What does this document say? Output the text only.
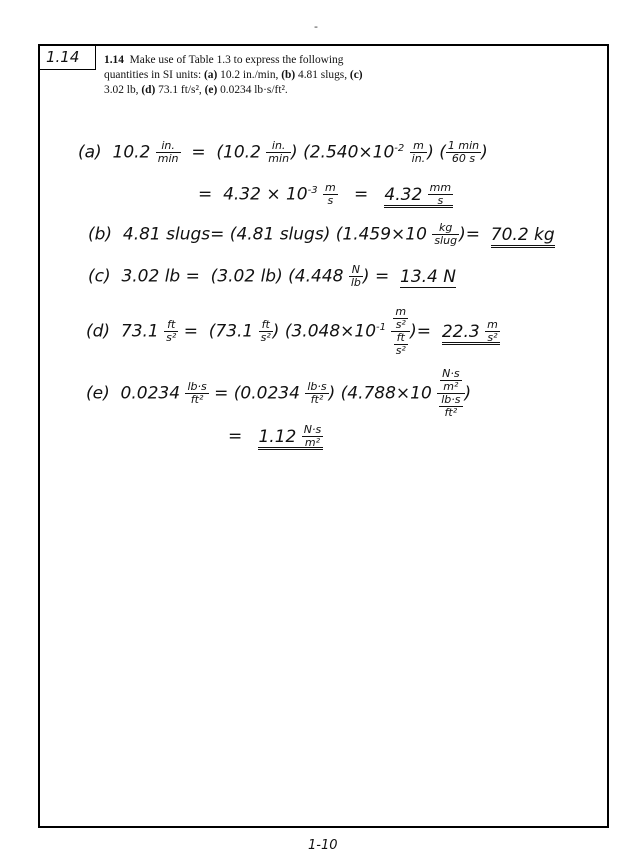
-
1.14 1.14 Make use of Table 1.3 to express the following quantities in SI units: (a) 10.2 in./min, (b) 4.81 slugs, (c) 3.02 lb, (d) 73.1 ft/s², (e) 0.0234 lb·s/ft².
(a) $10.2 \frac{in.}{\min} = (10.2 \frac{in.}{\min}$ ) ($2.540\times 10^{-2} \frac{m}{in.}$ ) ( $\frac{1 \min}{60 s}$ )
= $4.32 \times 10^{-3} \frac{m}{s} = 4.32 \frac{mm}{s}$
(b) 4.81 slugs= (4.81 slugs) ($1.459\times 10 \frac{kg}{\text{slug}}$ )= 70.2 kg
(c) 3.02 lb =  (3.02 lb) ($4.448 \frac{N}{lb}$ ) = 13.4 N
(d) $73.1 \frac{ft}{\text{s²}} = (73.1 \frac{ft}{\text{s²}}$ ) ($3.048\times 10^{-1} \frac{\frac{m}{\text{s²}}}{\frac{ft}{\text{s²}}}$ )= $22.3 \frac{m}{\text{s²}}$
(e) $0.0234 \frac{lb\cdot s}{\text{ft²}} = (0.0234 \frac{lb\cdot s}{\text{ft²}}$ ) ($4.788\times 10 \frac{\frac{N\cdot s}{\text{m²}}}{\frac{lb\cdot s}{\text{ft²}}}$ )
= $1.12 \frac{N\cdot s}{\text{m²}}$
1-10
